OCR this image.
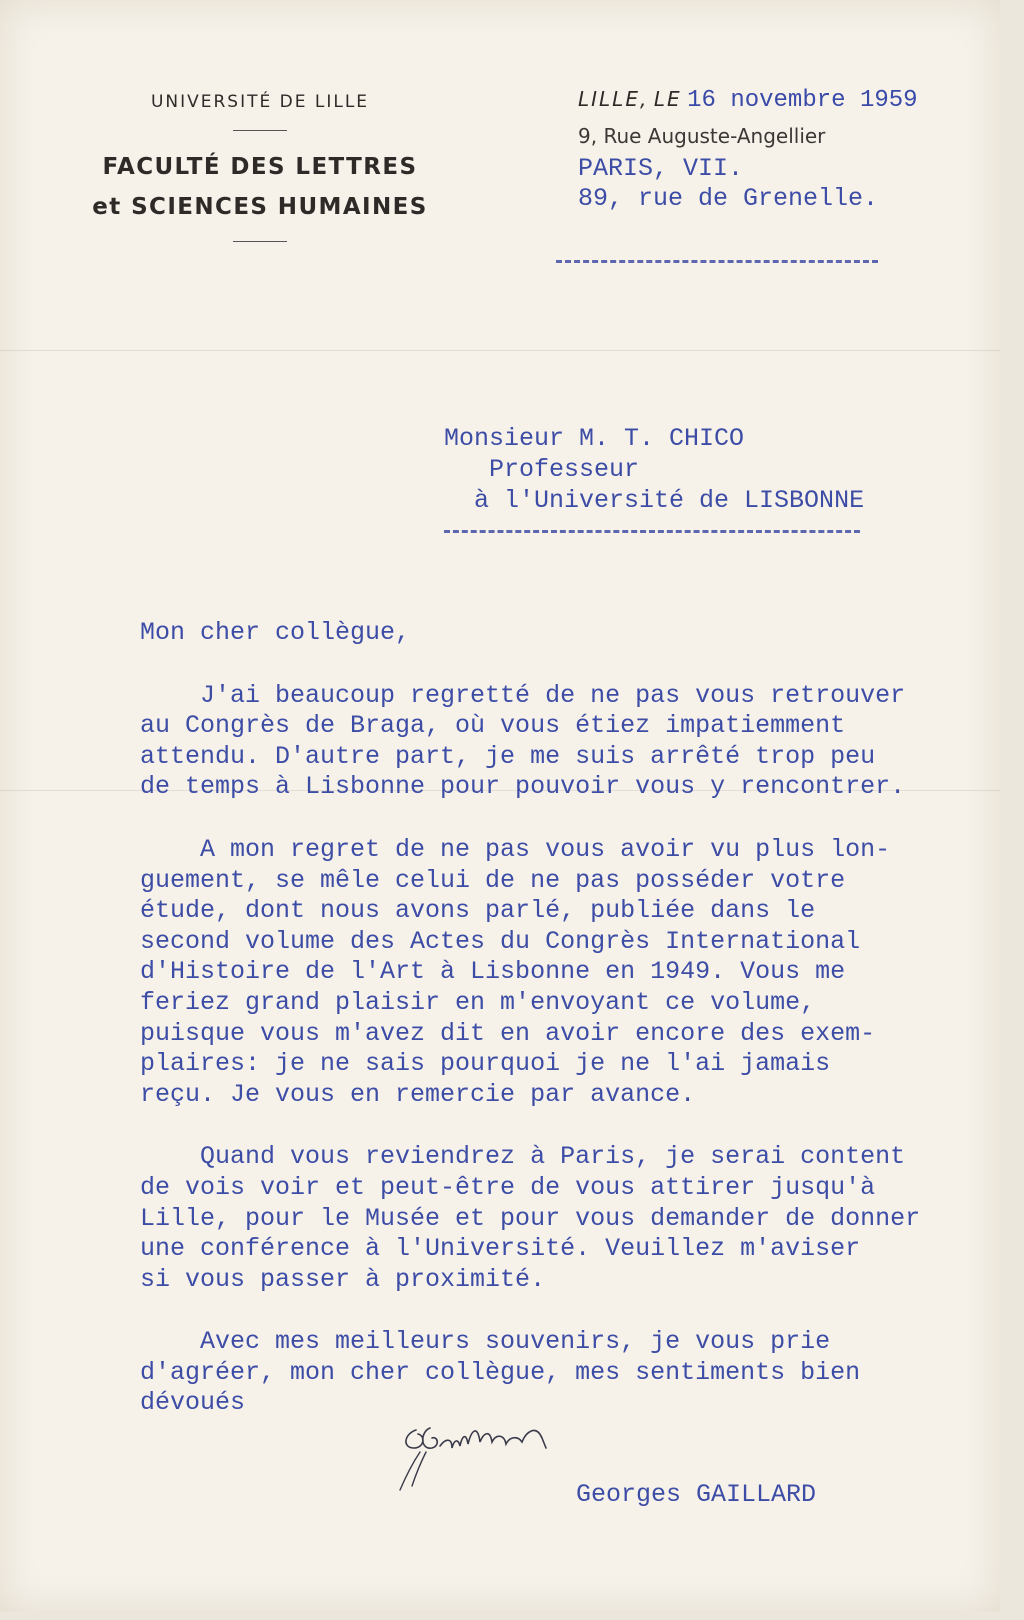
UNIVERSITÉ DE LILLE

FACULTÉ DES LETTRES

et SCIENCES HUMAINES

LILLE, LE 16 novembre 1959

9, Rue Auguste-Angellier

PARIS, VII.

89, rue de Grenelle.

Monsieur M. T. CHICO

Professeur

à l'Université de LISBONNE

Mon cher collègue,

J'ai beaucoup regretté de ne pas vous retrouver

au Congrès de Braga, où vous étiez impatiemment

attendu. D'autre part, je me suis arrêté trop peu

de temps à Lisbonne pour pouvoir vous y rencontrer.

A mon regret de ne pas vous avoir vu plus lon-

guement, se mêle celui de ne pas posséder votre

étude, dont nous avons parlé, publiée dans le

second volume des Actes du Congrès International

d'Histoire de l'Art à Lisbonne en 1949. Vous me

feriez grand plaisir en m'envoyant ce volume,

puisque vous m'avez dit en avoir encore des exem-

plaires: je ne sais pourquoi je ne l'ai jamais

reçu. Je vous en remercie par avance.

Quand vous reviendrez à Paris, je serai content

de vois voir et peut-être de vous attirer jusqu'à

Lille, pour le Musée et pour vous demander de donner

une conférence à l'Université. Veuillez m'aviser

si vous passer à proximité.

Avec mes meilleurs souvenirs, je vous prie

d'agréer, mon cher collègue, mes sentiments bien

dévoués

Georges GAILLARD
